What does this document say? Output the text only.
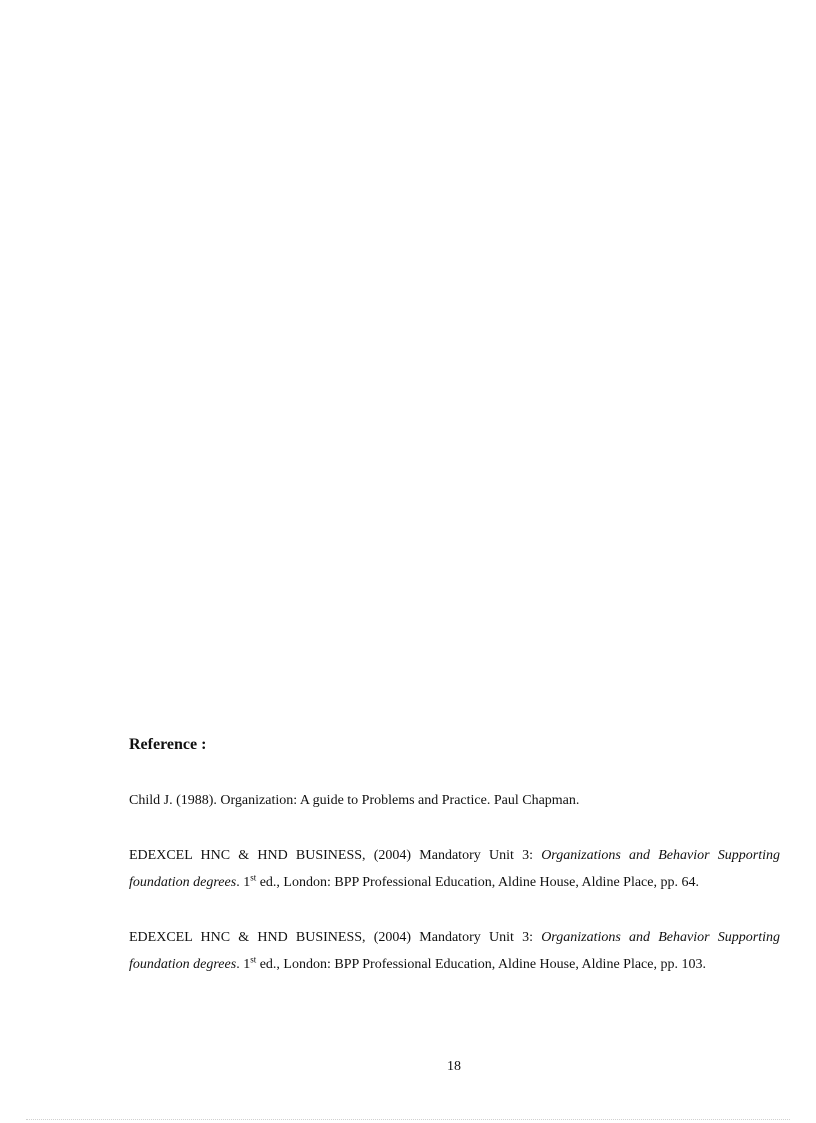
Reference :

Child J. (1988). Organization: A guide to Problems and Practice. Paul Chapman.

EDEXCEL HNC & HND BUSINESS, (2004) Mandatory Unit 3: Organizations and Behavior Supporting foundation degrees. 1st ed., London: BPP Professional Education, Aldine House, Aldine Place, pp. 64.

EDEXCEL HNC & HND BUSINESS, (2004) Mandatory Unit 3: Organizations and Behavior Supporting foundation degrees. 1st ed., London: BPP Professional Education, Aldine House, Aldine Place, pp. 103.

18
